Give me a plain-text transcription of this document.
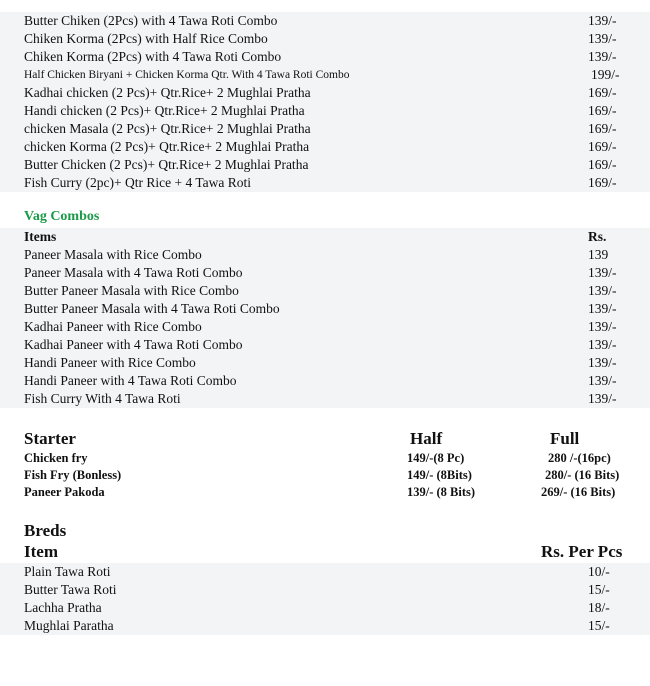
Butter Chiken (2Pcs) with 4 Tawa Roti Combo	139/-
Chiken Korma (2Pcs) with Half Rice Combo	139/-
Chiken Korma (2Pcs) with 4 Tawa Roti Combo	139/-
Half Chicken Biryani + Chicken Korma Qtr. With 4 Tawa Roti Combo	199/-
Kadhai chicken (2 Pcs)+ Qtr.Rice+ 2 Mughlai Pratha	169/-
Handi chicken (2 Pcs)+ Qtr.Rice+ 2 Mughlai Pratha	169/-
chicken Masala (2 Pcs)+ Qtr.Rice+ 2 Mughlai Pratha	169/-
chicken Korma (2 Pcs)+ Qtr.Rice+ 2 Mughlai Pratha	169/-
Butter Chicken (2 Pcs)+ Qtr.Rice+ 2 Mughlai Pratha	169/-
Fish Curry (2pc)+ Qtr Rice + 4 Tawa Roti	169/-
Vag Combos
Items	Rs.
Paneer Masala with Rice Combo	139
Paneer Masala with 4 Tawa Roti Combo	139/-
Butter Paneer Masala with Rice Combo	139/-
Butter Paneer Masala with 4 Tawa Roti Combo	139/-
Kadhai Paneer with Rice Combo	139/-
Kadhai Paneer with 4 Tawa Roti Combo	139/-
Handi Paneer with Rice Combo	139/-
Handi Paneer with 4 Tawa Roti Combo	139/-
Fish Curry With 4 Tawa Roti	139/-
Starter	Half	Full
Chicken fry	149/-(8 Pc)	280 /-(16pc)
Fish Fry (Bonless)	149/- (8Bits)	280/- (16 Bits)
Paneer Pakoda	139/- (8 Bits)	269/- (16 Bits)
Breds
Item	Rs. Per Pcs
Plain Tawa Roti	10/-
Butter Tawa Roti	15/-
Lachha Pratha	18/-
Mughlai Paratha	15/-
